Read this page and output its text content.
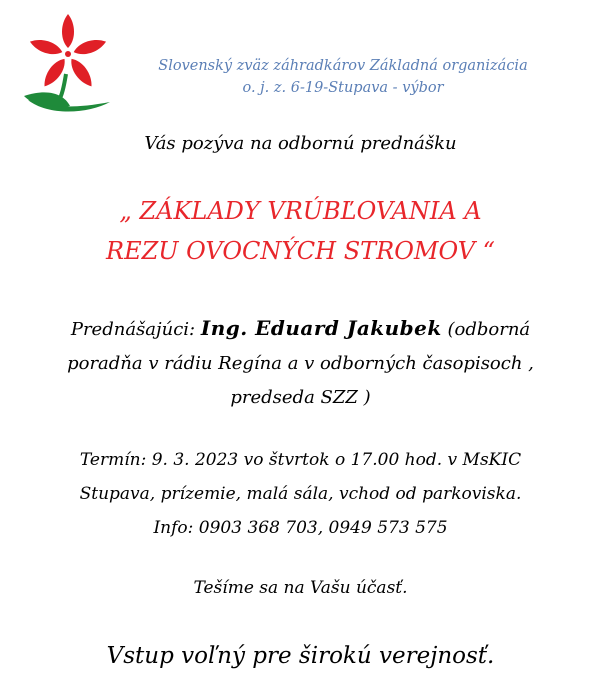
Slovenský zväz záhradkárov Základná organizácia
o. j. z. 6-19-Stupava - výbor
Vás pozýva na odbornú prednášku
„ ZÁKLADY VRÚBĽOVANIA A
REZU OVOCNÝCH STROMOV “
Prednášajúci: Ing. Eduard Jakubek (odborná
poradňa v rádiu Regína a v odborných časopisoch ,
predseda SZZ )
Termín: 9. 3. 2023 vo štvrtok o 17.00 hod. v MsKIC
Stupava, prízemie, malá sála, vchod od parkoviska.
Info: 0903 368 703, 0949 573 575
Tešíme sa na Vašu účasť.
Vstup voľný pre širokú verejnosť.
